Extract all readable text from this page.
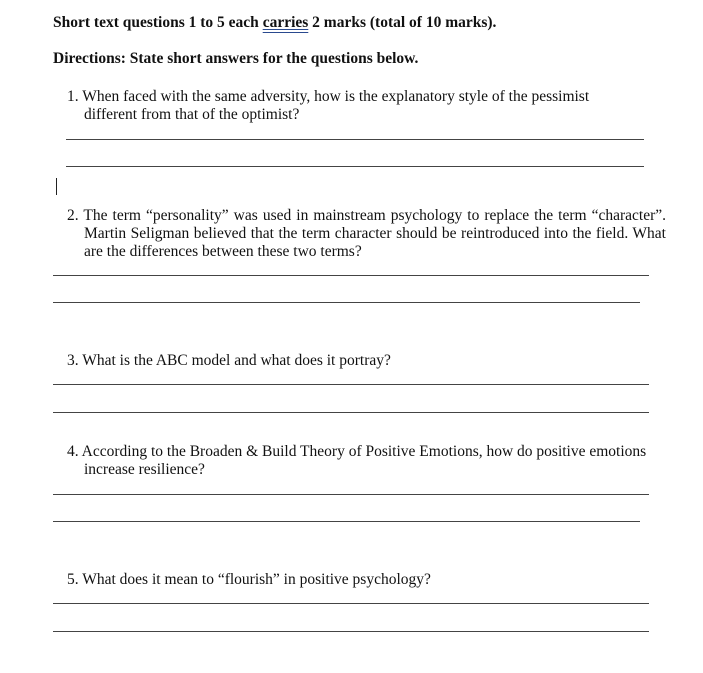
Short text questions 1 to 5 each carries 2 marks (total of 10 marks).
Directions: State short answers for the questions below.
1. When faced with the same adversity, how is the explanatory style of the pessimist different from that of the optimist?
2. The term “personality” was used in mainstream psychology to replace the term “character”. Martin Seligman believed that the term character should be reintroduced into the field. What are the differences between these two terms?
3. What is the ABC model and what does it portray?
4. According to the Broaden & Build Theory of Positive Emotions, how do positive emotions increase resilience?
5. What does it mean to “flourish” in positive psychology?
